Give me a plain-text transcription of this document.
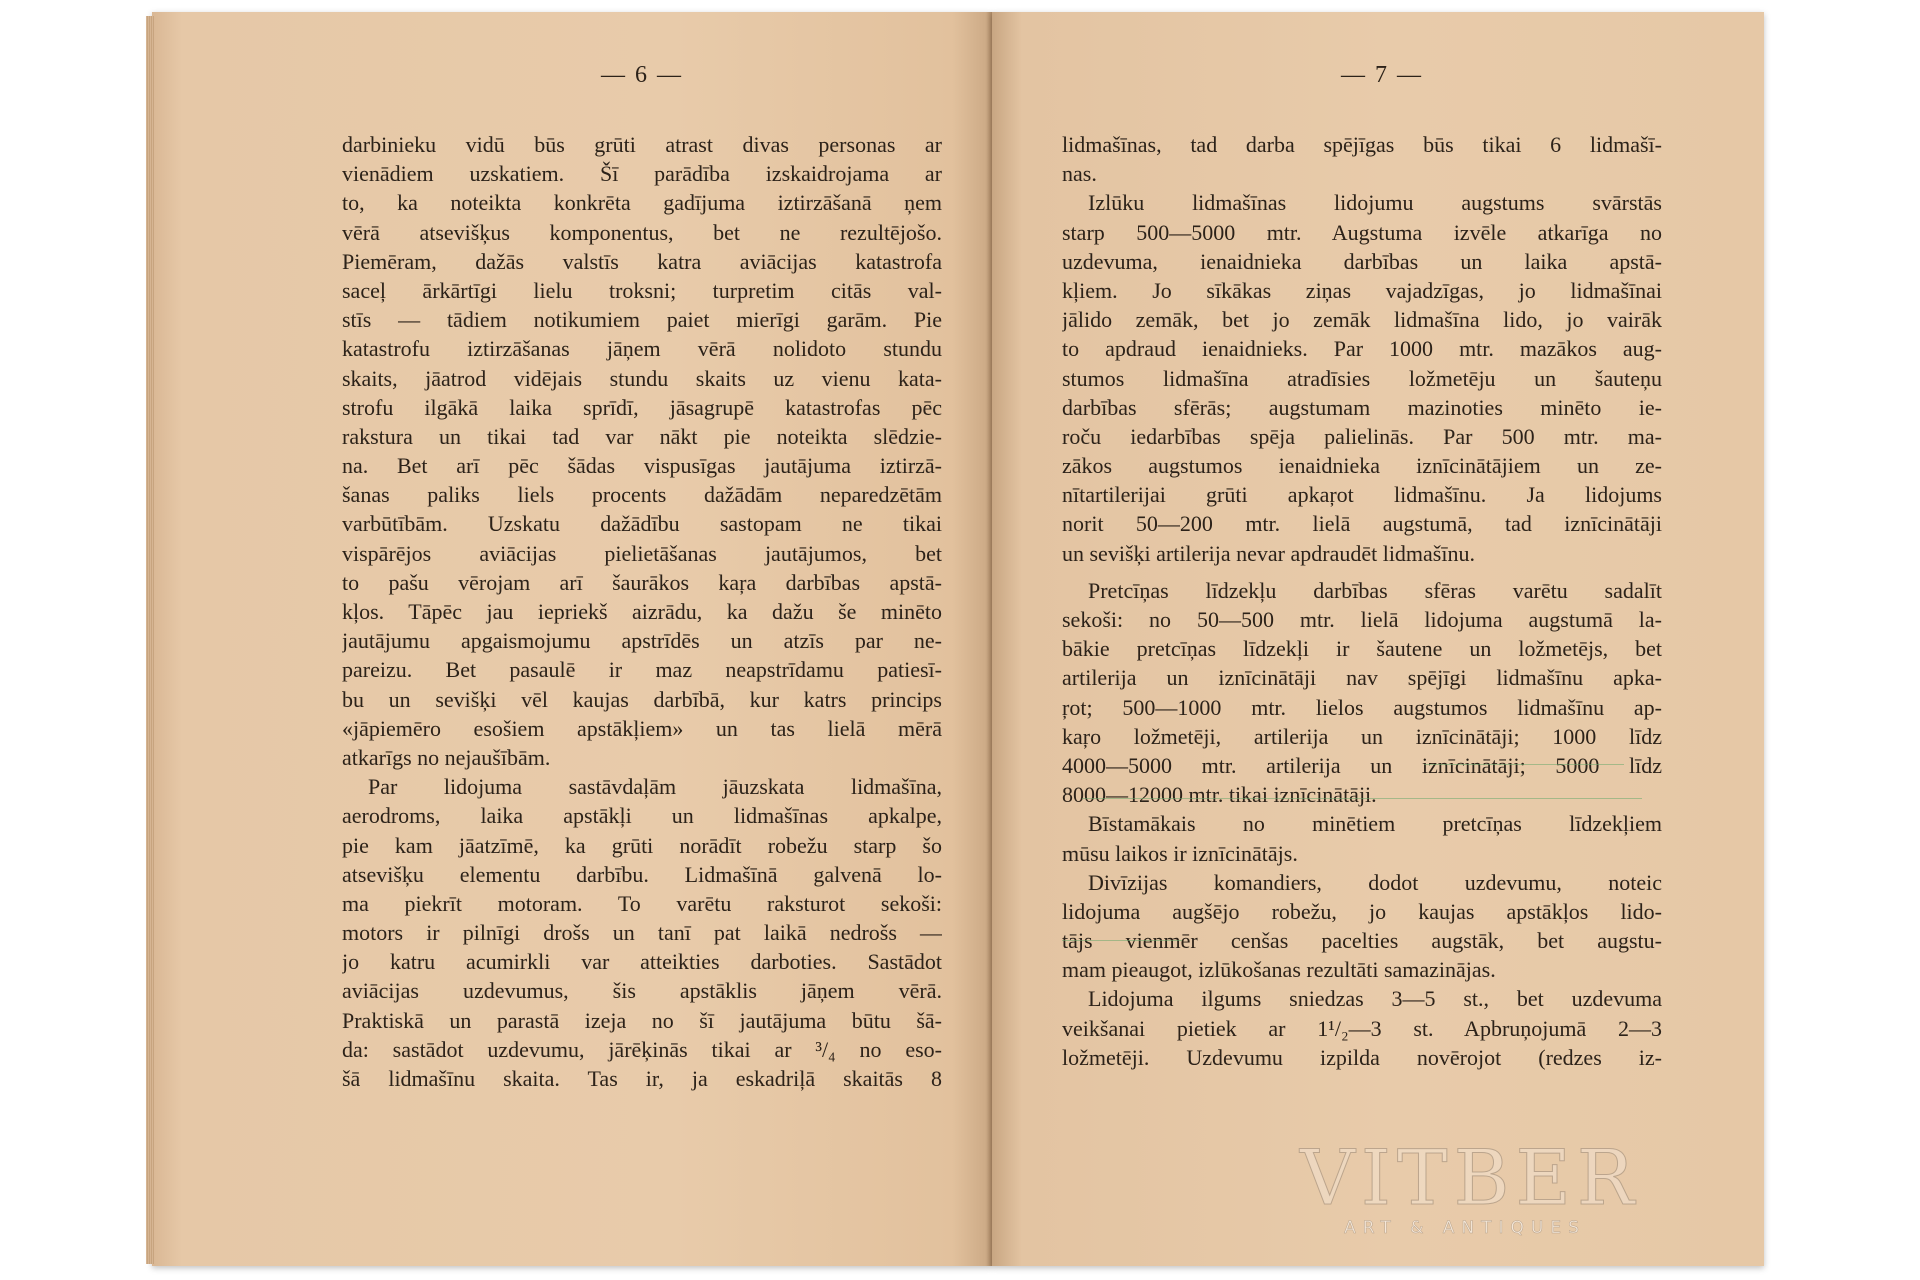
— 6 —
darbinieku vidū būs grūti atrast divas personas ar
vienādiem uzskatiem. Šī parādība izskaidrojama ar
to, ka noteikta konkrēta gadījuma iztirzāšanā ņem
vērā atsevišķus komponentus, bet ne rezultējošo.
Piemēram, dažās valstīs katra aviācijas katastrofa
saceļ ārkārtīgi lielu troksni; turpretim citās val-
stīs — tādiem notikumiem paiet mierīgi garām. Pie
katastrofu iztirzāšanas jāņem vērā nolidoto stundu
skaits, jāatrod vidējais stundu skaits uz vienu kata-
strofu ilgākā laika sprīdī, jāsagrupē katastrofas pēc
rakstura un tikai tad var nākt pie noteikta slēdzie-
na. Bet arī pēc šādas vispusīgas jautājuma iztirzā-
šanas paliks liels procents dažādām neparedzētām
varbūtībām. Uzskatu dažādību sastopam ne tikai
vispārējos aviācijas pielietāšanas jautājumos, bet
to pašu vērojam arī šaurākos kaŗa darbības apstā-
kļos. Tāpēc jau iepriekš aizrādu, ka dažu še minēto
jautājumu apgaismojumu apstrīdēs un atzīs par ne-
pareizu. Bet pasaulē ir maz neapstrīdamu patiesī-
bu un sevišķi vēl kaujas darbībā, kur katrs princips
«jāpiemēro esošiem apstākļiem» un tas lielā mērā
atkarīgs no nejaušībām.
Par lidojuma sastāvdaļām jāuzskata lidmašīna,
aerodroms, laika apstākļi un lidmašīnas apkalpe,
pie kam jāatzīmē, ka grūti norādīt robežu starp šo
atsevišķu elementu darbību. Lidmašīnā galvenā lo-
ma piekrīt motoram. To varētu raksturot sekoši:
motors ir pilnīgi drošs un tanī pat laikā nedrošs —
jo katru acumirkli var atteikties darboties. Sastādot
aviācijas uzdevumus, šis apstāklis jāņem vērā.
Praktiskā un parastā izeja no šī jautājuma būtu šā-
da: sastādot uzdevumu, jārēķinās tikai ar ³/₄ no eso-
šā lidmašīnu skaita. Tas ir, ja eskadriļā skaitās 8
— 7 —
lidmašīnas, tad darba spējīgas būs tikai 6 lidmašī-
nas.
Izlūku lidmašīnas lidojumu augstums svārstās
starp 500—5000 mtr. Augstuma izvēle atkarīga no
uzdevuma, ienaidnieka darbības un laika apstā-
kļiem. Jo sīkākas ziņas vajadzīgas, jo lidmašīnai
jālido zemāk, bet jo zemāk lidmašīna lido, jo vairāk
to apdraud ienaidnieks. Par 1000 mtr. mazākos aug-
stumos lidmašīna atradīsies ložmetēju un šauteņu
darbības sfērās; augstumam mazinoties minēto ie-
roču iedarbības spēja palielinās. Par 500 mtr. ma-
zākos augstumos ienaidnieka iznīcinātājiem un ze-
nītartilerijai grūti apkaŗot lidmašīnu. Ja lidojums
norit 50—200 mtr. lielā augstumā, tad iznīcinātāji
un sevišķi artilerija nevar apdraudēt lidmašīnu.
Pretcīņas līdzekļu darbības sfēras varētu sadalīt
sekoši: no 50—500 mtr. lielā lidojuma augstumā la-
bākie pretcīņas līdzekļi ir šautene un ložmetējs, bet
artilerija un iznīcinātāji nav spējīgi lidmašīnu apka-
ŗot; 500—1000 mtr. lielos augstumos lidmašīnu ap-
kaŗo ložmetēji, artilerija un iznīcinātāji; 1000 līdz
4000—5000 mtr. artilerija un iznīcinātāji; 5000 līdz
8000—12000 mtr. tikai iznīcinātāji.
Bīstamākais no minētiem pretcīņas līdzekļiem
mūsu laikos ir iznīcinātājs.
Divīzijas komandiers, dodot uzdevumu, noteic
lidojuma augšējo robežu, jo kaujas apstākļos lido-
tājs vienmēr cenšas pacelties augstāk, bet augstu-
mam pieaugot, izlūkošanas rezultāti samazinājas.
Lidojuma ilgums sniedzas 3—5 st., bet uzdevuma
veikšanai pietiek ar 1¹/₂—3 st. Apbruņojumā 2—3
ložmetēji. Uzdevumu izpilda novērojot (redzes iz-
VITBER
ART & ANTIQUES
